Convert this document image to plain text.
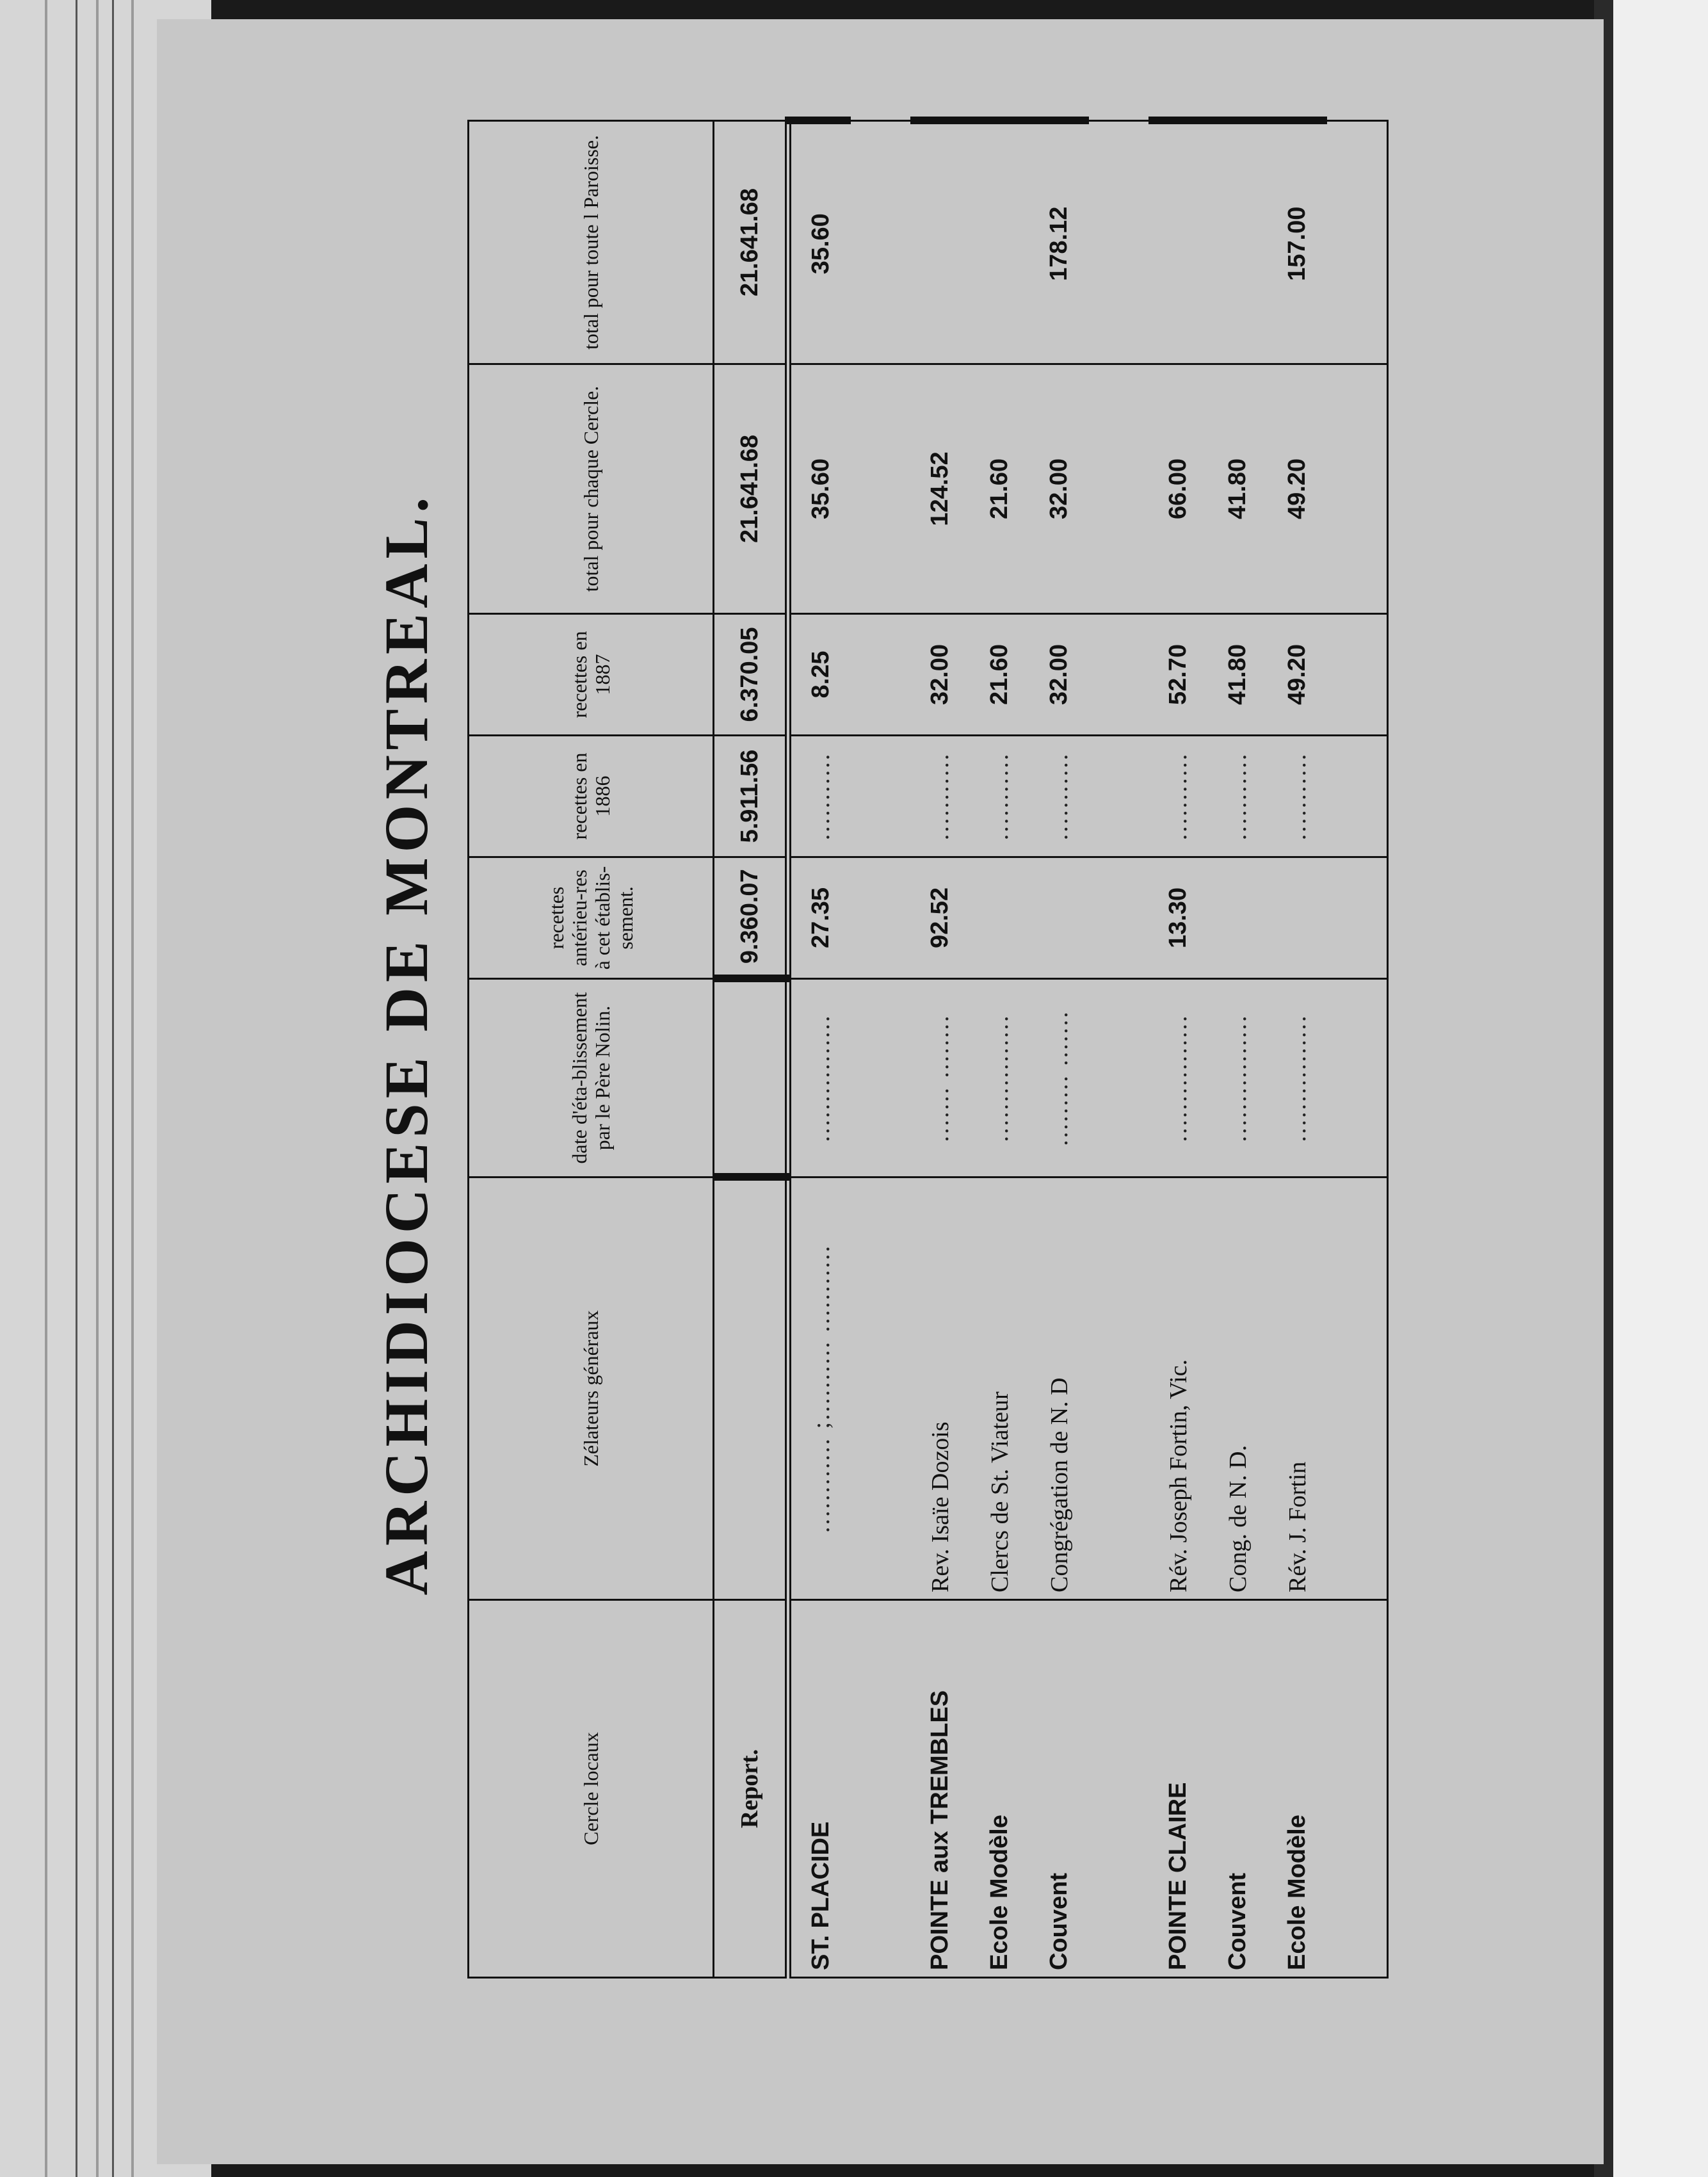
ARCHIDIOCESE DE MONTREAL.
Cercle locaux	Zélateurs généraux	date d'éta-blissement par le Père Nolin.	recettes antérieu-res à cet établis-sement.	recettes en 1886	recettes en 1887	total pour chaque Cercle.	total pour toute l Paroisse.
Report.			9.360.07	5.911.56	6.370.05	21.641.68	21.641.68
ST. PLACIDE	............ ;.......... ...........	................	27.35	...........	8.25	35.60	35.60

POINTE aux TREMBLES	Rev. Isaïe Dozois	....... ........	92.52	...........	32.00	124.52	
Ecole Modèle	Clercs de St. Viateur	................		...........	21.60	21.60	
Couvent	Congrégation de N. D	......... .......		...........	32.00	32.00	178.12

POINTE CLAIRE	Rév. Joseph Fortin, Vic.	................	13.30	...........	52.70	66.00	
Couvent	Cong. de N. D.	................		...........	41.80	41.80	
Ecole Modèle	Rév. J. Fortin	................		...........	49.20	49.20	157.00
